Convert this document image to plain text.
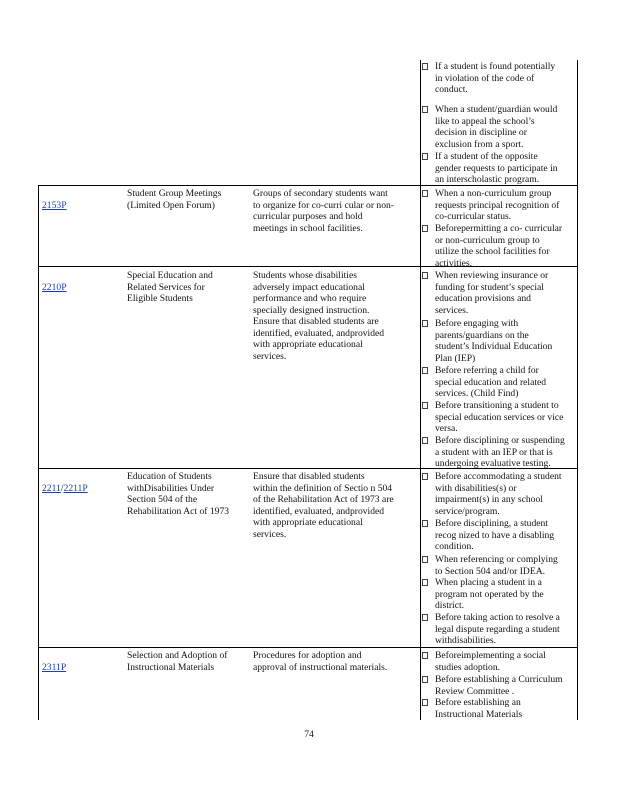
If a student is found potentially
in violation of the code of
conduct.
When a student/guardian would
like to appeal the school’s
decision in discipline or
exclusion from a sport.
If a student of the opposite
gender requests to participate in
an interscholastic program.

2153P

Student Group Meetings
(Limited Open Forum)
Groups of secondary students want
to organize for co-curri cular or non-
curricular purposes and hold
meetings in school facilities.
When a non-curriculum group
requests principal recognition of
co-curricular status.
Beforepermitting a co- curricular
or non-curriculum group to
utilize the school facilities for
activities.

2210P

Special Education and
Related Services for
Eligible Students
Students whose disabilities
adversely impact educational
performance and who require
specially designed instruction.
Ensure that disabled students are
identified, evaluated, andprovided
with appropriate educational
services.
When reviewing insurance or
funding for student’s special
education provisions and
services.
Before engaging with
parents/guardians on the
student’s Individual Education
Plan (IEP)
Before referring a child for
special education and related
services. (Child Find)
Before transitioning a student to
special education services or vice
versa.
Before disciplining or suspending
a student with an IEP or that is
undergoing evaluative testing.

2211/2211P

Education of Students
withDisabilities Under
Section 504 of the
Rehabilitation Act of 1973
Ensure that disabled students
within the definition of Sectio n 504
of the Rehabilitation Act of 1973 are
identified, evaluated, andprovided
with appropriate educational
services.
Before accommodating a student
with disabilities(s) or
impairment(s) in any school
service/program.
Before disciplining, a student
recog nized to have a disabling
condition.
When referencing or complying
to Section 504 and/or IDEA.
When placing a student in a
program not operated by the
district.
Before taking action to resolve a
legal dispute regarding a student
withdisabilities.

2311P

Selection and Adoption of
Instructional Materials
Procedures for adoption and
approval of instructional materials.
Beforeimplementing a social
studies adoption.
Before establishing a Curriculum
Review Committee .
Before establishing an
Instructional Materials
74
